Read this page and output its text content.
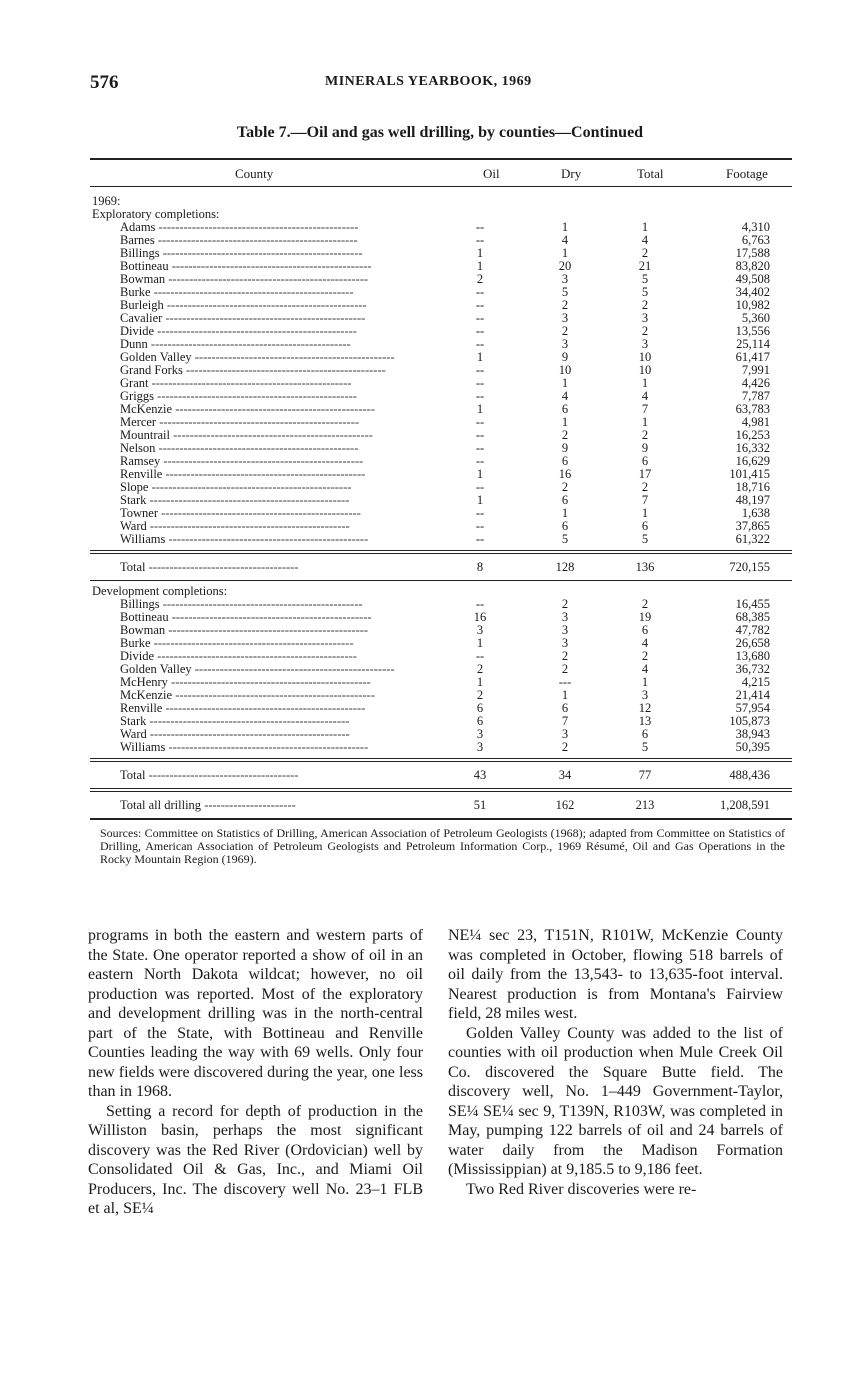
576	MINERALS YEARBOOK, 1969
Table 7.—Oil and gas well drilling, by counties—Continued
County	Oil	Dry	Total	Footage
1969:
Exploratory completions:
Adams ------------------------------------------------	--	1	1	4,310
Barnes ------------------------------------------------	--	4	4	6,763
Billings ------------------------------------------------	1	1	2	17,588
Bottineau ------------------------------------------------	1	20	21	83,820
Bowman ------------------------------------------------	2	3	5	49,508
Burke ------------------------------------------------	--	5	5	34,402
Burleigh ------------------------------------------------	--	2	2	10,982
Cavalier ------------------------------------------------	--	3	3	5,360
Divide ------------------------------------------------	--	2	2	13,556
Dunn ------------------------------------------------	--	3	3	25,114
Golden Valley ------------------------------------------------	1	9	10	61,417
Grand Forks ------------------------------------------------	--	10	10	7,991
Grant ------------------------------------------------	--	1	1	4,426
Griggs ------------------------------------------------	--	4	4	7,787
McKenzie ------------------------------------------------	1	6	7	63,783
Mercer ------------------------------------------------	--	1	1	4,981
Mountrail ------------------------------------------------	--	2	2	16,253
Nelson ------------------------------------------------	--	9	9	16,332
Ramsey ------------------------------------------------	--	6	6	16,629
Renville ------------------------------------------------	1	16	17	101,415
Slope ------------------------------------------------	--	2	2	18,716
Stark ------------------------------------------------	1	6	7	48,197
Towner ------------------------------------------------	--	1	1	1,638
Ward ------------------------------------------------	--	6	6	37,865
Williams ------------------------------------------------	--	5	5	61,322
Total ------------------------------------	8	128	136	720,155
Development completions:
Billings ------------------------------------------------	--	2	2	16,455
Bottineau ------------------------------------------------	16	3	19	68,385
Bowman ------------------------------------------------	3	3	6	47,782
Burke ------------------------------------------------	1	3	4	26,658
Divide ------------------------------------------------	--	2	2	13,680
Golden Valley ------------------------------------------------	2	2	4	36,732
McHenry ------------------------------------------------	1	---	1	4,215
McKenzie ------------------------------------------------	2	1	3	21,414
Renville ------------------------------------------------	6	6	12	57,954
Stark ------------------------------------------------	6	7	13	105,873
Ward ------------------------------------------------	3	3	6	38,943
Williams ------------------------------------------------	3	2	5	50,395
Total ------------------------------------	43	34	77	488,436
Total all drilling ----------------------	51	162	213	1,208,591
Sources: Committee on Statistics of Drilling, American Association of Petroleum Geologists (1968); adapted from Committee on Statistics of Drilling, American Association of Petroleum Geologists and Petroleum Information Corp., 1969 Résumé, Oil and Gas Operations in the Rocky Mountain Region (1969).

programs in both the eastern and western parts of the State. One operator reported a show of oil in an eastern North Dakota wildcat; however, no oil production was reported. Most of the exploratory and development drilling was in the north-central part of the State, with Bottineau and Renville Counties leading the way with 69 wells. Only four new fields were discovered during the year, one less than in 1968.

Setting a record for depth of production in the Williston basin, perhaps the most significant discovery was the Red River (Ordovician) well by Consolidated Oil & Gas, Inc., and Miami Oil Producers, Inc. The discovery well No. 23–1 FLB et al, SE¼

NE¼ sec 23, T151N, R101W, McKenzie County was completed in October, flowing 518 barrels of oil daily from the 13,543- to 13,635-foot interval. Nearest production is from Montana's Fairview field, 28 miles west.

Golden Valley County was added to the list of counties with oil production when Mule Creek Oil Co. discovered the Square Butte field. The discovery well, No. 1–449 Government-Taylor, SE¼ SE¼ sec 9, T139N, R103W, was completed in May, pumping 122 barrels of oil and 24 barrels of water daily from the Madison Formation (Mississippian) at 9,185.5 to 9,186 feet.

Two Red River discoveries were re-
